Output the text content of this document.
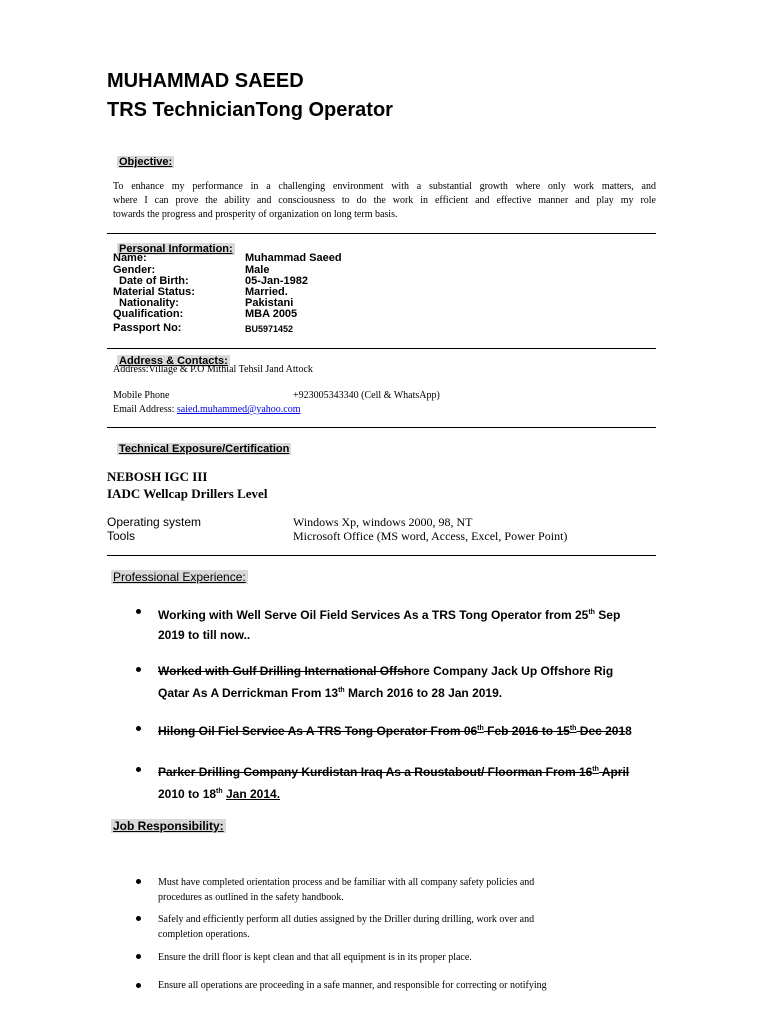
MUHAMMAD SAEED
TRS TechnicianTong Operator
Objective:
To enhance my performance in a challenging environment with a substantial growth where only work matters, and
where I can prove the ability and consciousness to do the work in efficient and effective manner and play my role
towards the progress and prosperity of organization on long term basis.
Personal Information:
Name:	Muhammad Saeed
Gender:	Male
Date of Birth:	05-Jan-1982
Material Status:	Married.
Nationality:	Pakistani
Qualification:	MBA 2005
Passport No:	BU5971452
Address & Contacts:
Address:Village & P.O Mithial Tehsil Jand Attock
Mobile Phone	+923005343340 (Cell & WhatsApp)
Email Address: saied.muhammed@yahoo.com
Technical Exposure/Certification
NEBOSH IGC III
IADC Wellcap Drillers Level
Operating system	Windows Xp, windows 2000, 98, NT
Tools	Microsoft Office (MS word, Access, Excel, Power Point)
Professional Experience:
Working with Well Serve Oil Field Services As a TRS Tong Operator from 25th Sep
2019 to till now..
Worked with Gulf Drilling International Offshore Company Jack Up Offshore Rig
Qatar As A Derrickman From 13th March 2016 to 28 Jan 2019.
Hilong Oil Fiel Service As A TRS Tong Operator From 06th Feb 2016 to 15th Dec 2018
Parker Drilling Company Kurdistan Iraq As a Roustabout/ Floorman From 16th April
2010 to 18th Jan 2014.
Job Responsibility:
Must have completed orientation process and be familiar with all company safety policies and
procedures as outlined in the safety handbook.
Safely and efficiently perform all duties assigned by the Driller during drilling, work over and
completion operations.
Ensure the drill floor is kept clean and that all equipment is in its proper place.
Ensure all operations are proceeding in a safe manner, and responsible for correcting or notifying
